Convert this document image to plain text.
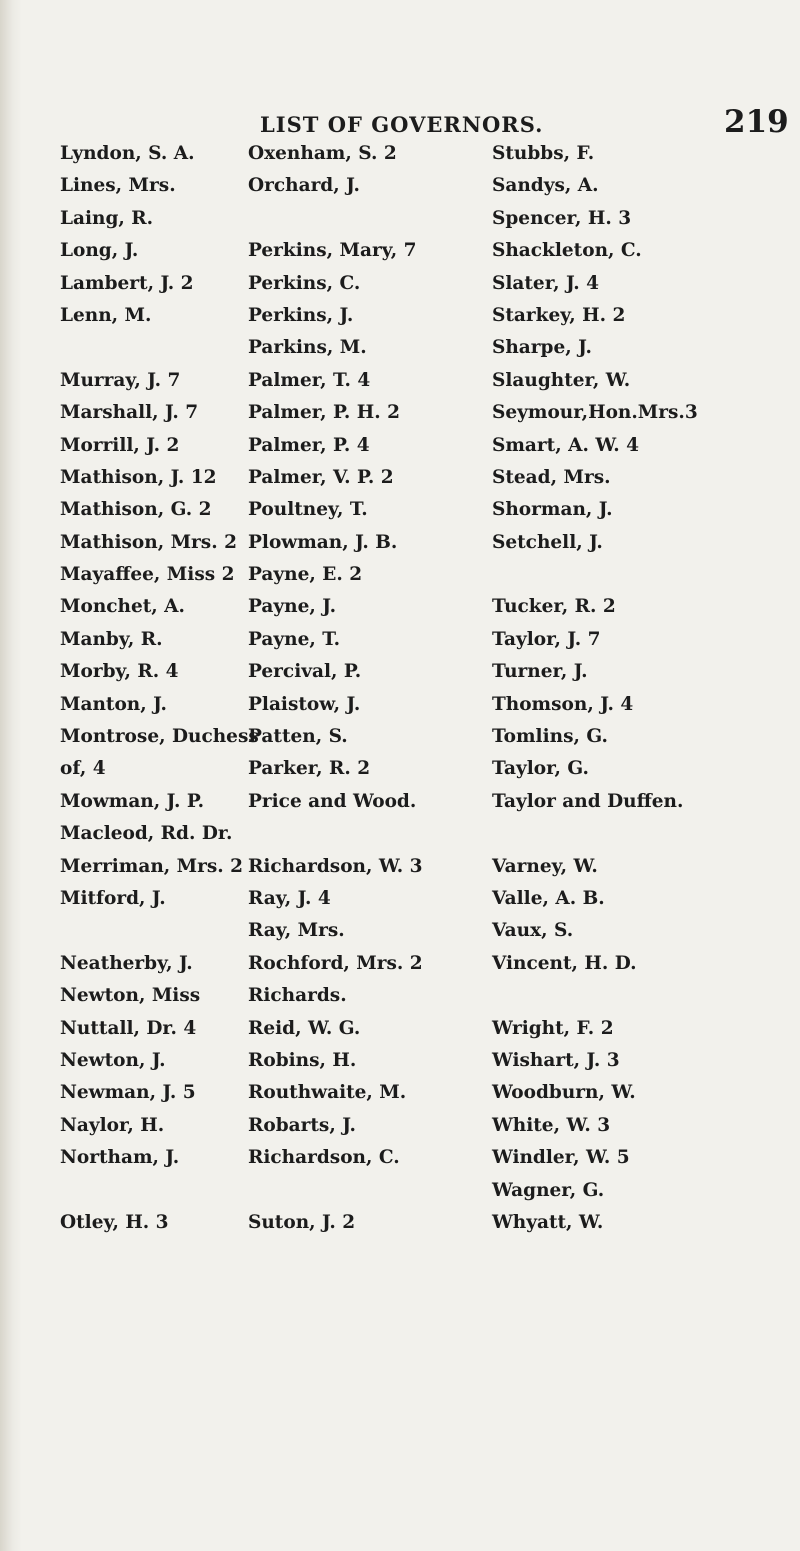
LIST OF GOVERNORS.	219
Lyndon, S. A.
Lines, Mrs.
Laing, R.
Long, J.
Lambert, J. 2
Lenn, M.
Murray, J. 7
Marshall, J. 7
Morrill, J. 2
Mathison, J. 12
Mathison, G. 2
Mathison, Mrs. 2
Mayaffee, Miss 2
Monchet, A.
Manby, R.
Morby, R. 4
Manton, J.
Montrose, Duchess
of, 4
Mowman, J. P.
Macleod, Rd. Dr.
Merriman, Mrs. 2
Mitford, J.
Neatherby, J.
Newton, Miss
Nuttall, Dr. 4
Newton, J.
Newman, J. 5
Naylor, H.
Northam, J.
Otley, H. 3
Oxenham, S. 2
Orchard, J.
Perkins, Mary, 7
Perkins, C.
Perkins, J.
Parkins, M.
Palmer, T. 4
Palmer, P. H. 2
Palmer, P. 4
Palmer, V. P. 2
Poultney, T.
Plowman, J. B.
Payne, E. 2
Payne, J.
Payne, T.
Percival, P.
Plaistow, J.
Patten, S.
Parker, R. 2
Price and Wood.
Richardson, W. 3
Ray, J. 4
Ray, Mrs.
Rochford, Mrs. 2
Richards.
Reid, W. G.
Robins, H.
Routhwaite, M.
Robarts, J.
Richardson, C.
Suton, J. 2
Stubbs, F.
Sandys, A.
Spencer, H. 3
Shackleton, C.
Slater, J. 4
Starkey, H. 2
Sharpe, J.
Slaughter, W.
Seymour,Hon.Mrs.3
Smart, A. W. 4
Stead, Mrs.
Shorman, J.
Setchell, J.
Tucker, R. 2
Taylor, J. 7
Turner, J.
Thomson, J. 4
Tomlins, G.
Taylor, G.
Taylor and Duffen.
Varney, W.
Valle, A. B.
Vaux, S.
Vincent, H. D.
Wright, F. 2
Wishart, J. 3
Woodburn, W.
White, W. 3
Windler, W. 5
Wagner, G.
Whyatt, W.
